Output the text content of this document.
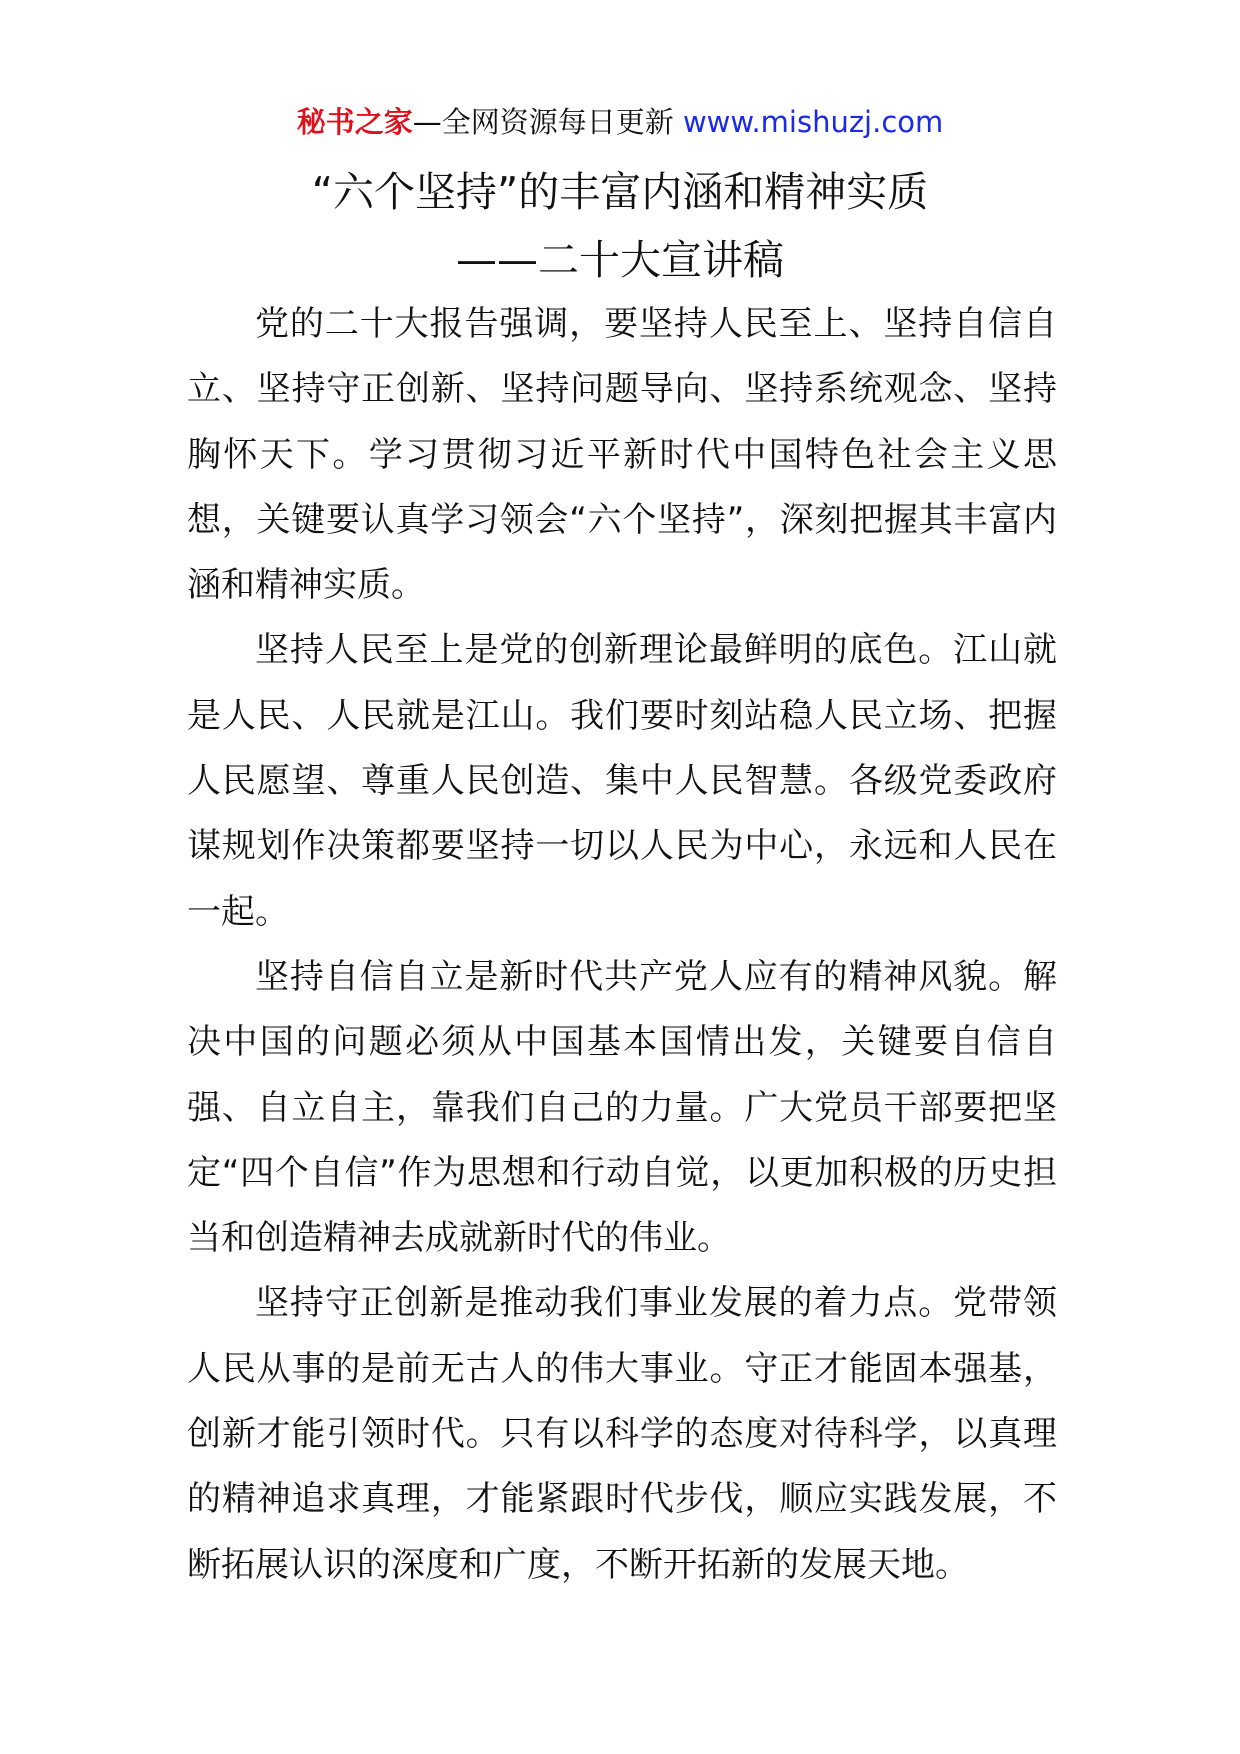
秘书之家—全网资源每日更新 www.mishuzj.com
“六个坚持”的丰富内涵和精神实质
——二十大宣讲稿

党的二十大报告强调，要坚持人民至上、坚持自信自立、坚持守正创新、坚持问题导向、坚持系统观念、坚持胸怀天下。学习贯彻习近平新时代中国特色社会主义思想，关键要认真学习领会“六个坚持”，深刻把握其丰富内涵和精神实质。

坚持人民至上是党的创新理论最鲜明的底色。江山就是人民、人民就是江山。我们要时刻站稳人民立场、把握人民愿望、尊重人民创造、集中人民智慧。各级党委政府谋规划作决策都要坚持一切以人民为中心，永远和人民在一起。

坚持自信自立是新时代共产党人应有的精神风貌。解决中国的问题必须从中国基本国情出发，关键要自信自强、自立自主，靠我们自己的力量。广大党员干部要把坚定“四个自信”作为思想和行动自觉，以更加积极的历史担当和创造精神去成就新时代的伟业。

坚持守正创新是推动我们事业发展的着力点。党带领人民从事的是前无古人的伟大事业。守正才能固本强基，创新才能引领时代。只有以科学的态度对待科学，以真理的精神追求真理，才能紧跟时代步伐，顺应实践发展，不断拓展认识的深度和广度，不断开拓新的发展天地。
